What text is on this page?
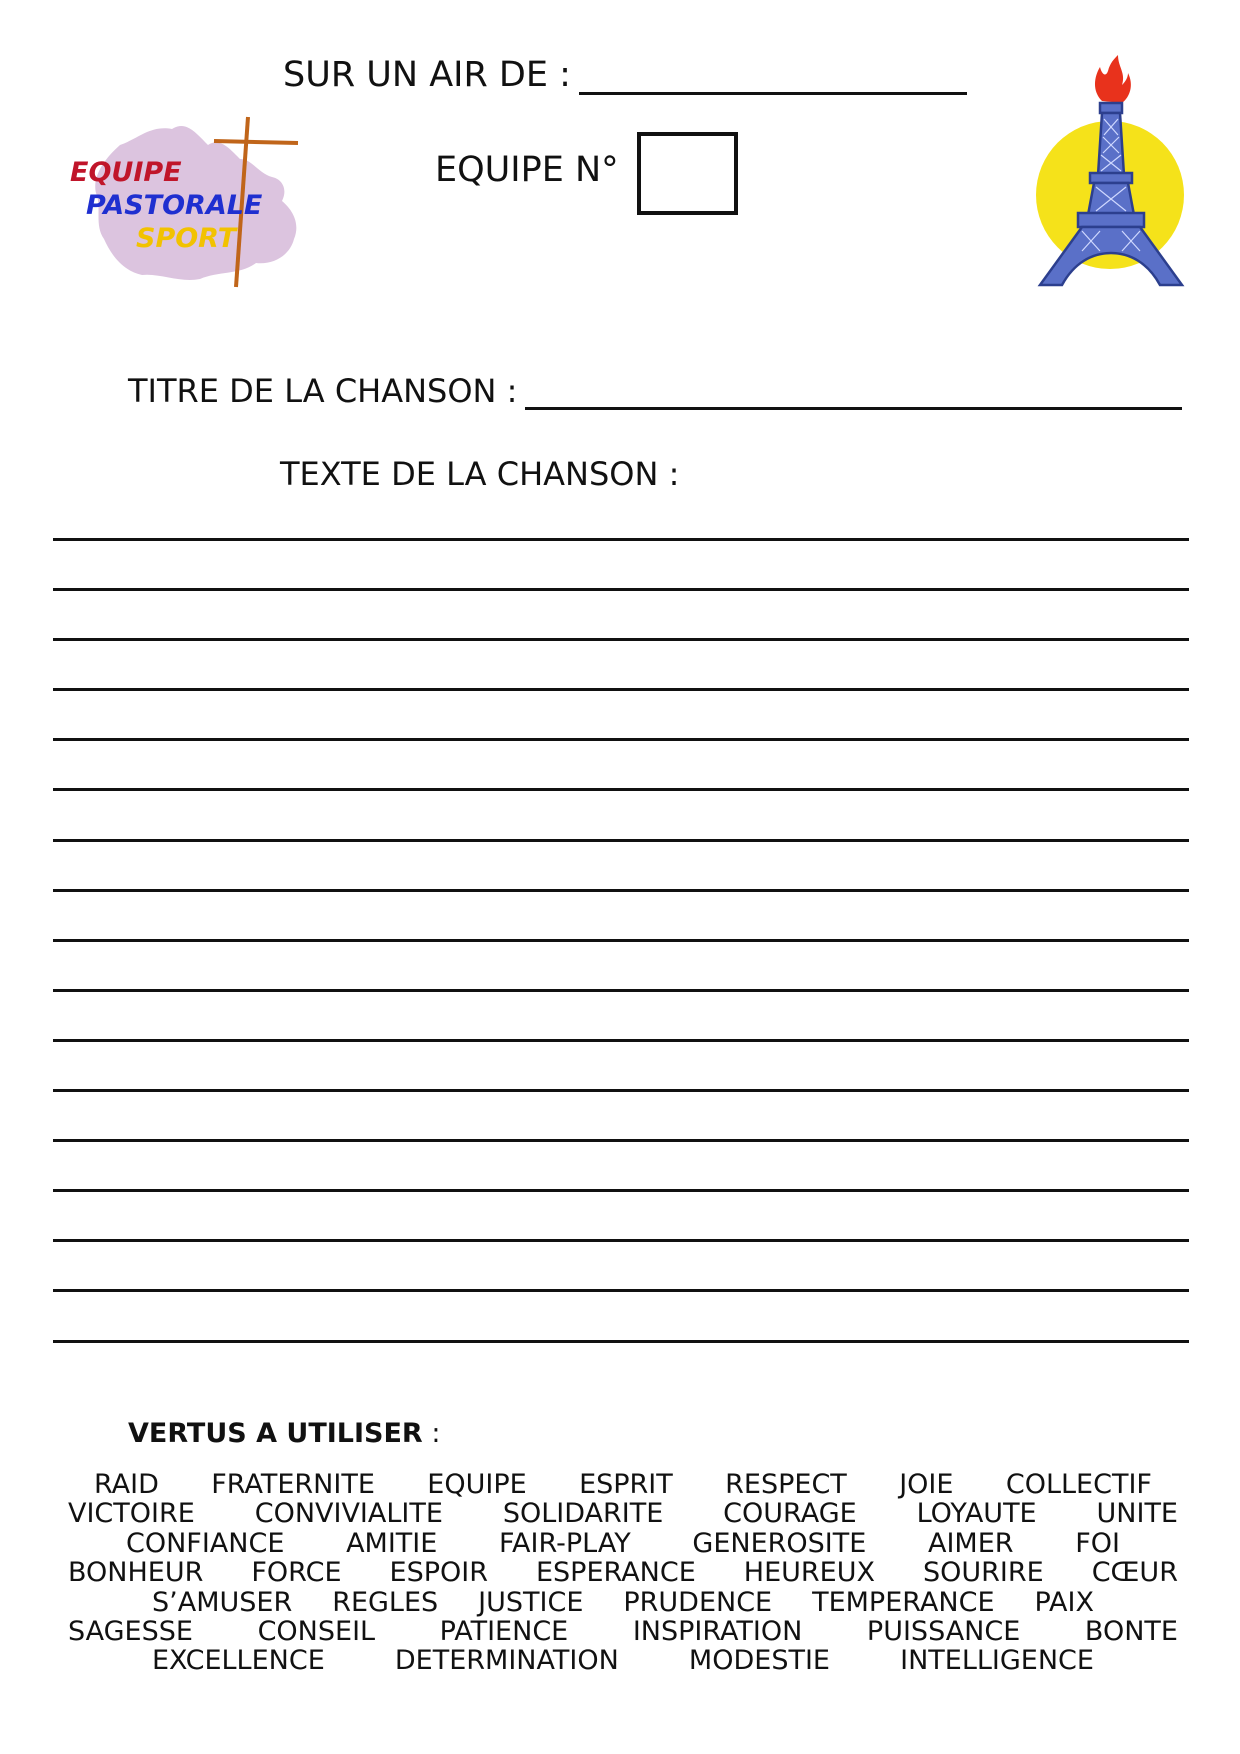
SUR UN AIR DE :
EQUIPE N°
EQUIPE
PASTORALE
SPORT
TITRE DE LA CHANSON :
TEXTE DE LA CHANSON :
VERTUS A UTILISER :
RAID FRATERNITE EQUIPE ESPRIT RESPECT JOIE COLLECTIF
VICTOIRE CONVIVIALITE SOLIDARITE COURAGE LOYAUTE UNITE
CONFIANCE AMITIE FAIR-PLAY GENEROSITE AIMER FOI
BONHEUR FORCE ESPOIR ESPERANCE HEUREUX SOURIRE CŒUR
S’AMUSER REGLES JUSTICE PRUDENCE TEMPERANCE PAIX
SAGESSE CONSEIL PATIENCE INSPIRATION PUISSANCE BONTE
EXCELLENCE	DETERMINATION	MODESTIE	INTELLIGENCE
